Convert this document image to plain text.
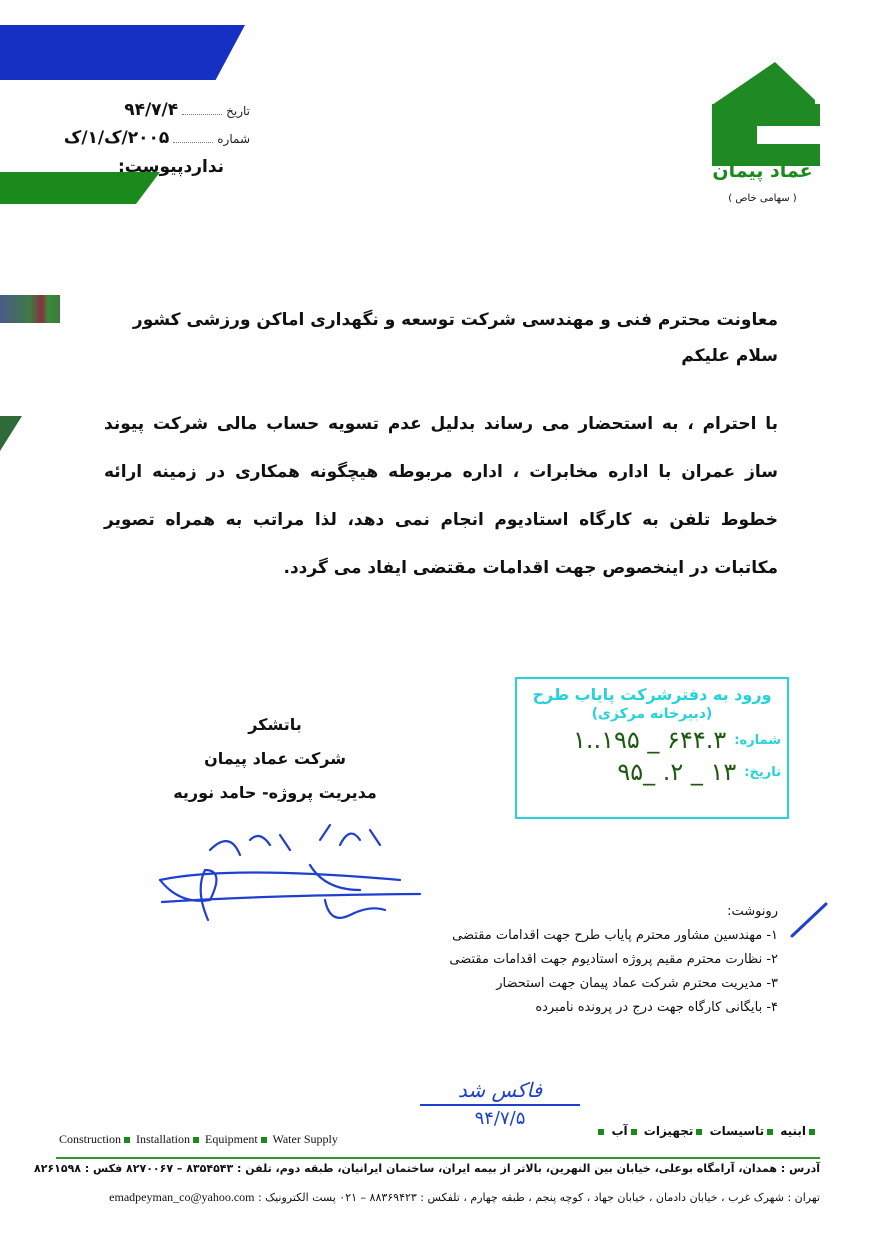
تاریخ
۹۴/۷/۴
شماره
۲۰۰۵/ک/۱/ک
نداردپیوست:	عماد پیمان
( سهامی خاص )
معاونت محترم فنی و مهندسی شرکت توسعه و نگهداری اماکن ورزشی کشور
سلام علیکم
با احترام ، به استحضار می رساند بدلیل عدم تسویه حساب مالی شرکت پیوند ساز عمران با اداره مخابرات ، اداره مربوطه هیچگونه همکاری در زمینه ارائه خطوط تلفن به کارگاه استادیوم انجام نمی دهد، لذا مراتب به همراه تصویر مکاتبات در اینخصوص جهت اقدامات مقتضی ایفاد می گردد.
ورود به دفترشرکت پایاب طرح
(دبیرخانه مرکزی)
شماره:
۱..۱۹۵ _ ۶۴۴.۳
تاریخ:
۹۵_ .۲ _ ۱۳
باتشکر
شرکت عماد پیمان
مدیریت پروژه- حامد نوریه
رونوشت:
۱- مهندسین مشاور محترم پایاب طرح جهت اقدامات مقتضی
۲- نظارت محترم مقیم پروژه استادیوم جهت اقدامات مقتضی
۳- مدیریت محترم شرکت عماد پیمان جهت استحضار
۴- بایگانی کارگاه جهت درج در پرونده نامبرده
فاکس شد
۹۴/۷/۵
Construction Installation Equipment Water Supply
ابنیه تاسیسات تجهیزات آب
آدرس : همدان، آرامگاه بوعلی، خیابان بین النهرین، بالاتر از بیمه ایران، ساختمان ایرانیان، طبقه دوم، تلفن : ۸۳۵۴۵۴۳ – ۸۲۷۰۰۶۷ فکس : ۸۲۶۱۵۹۸
تهران : شهرک غرب ، خیابان دادمان ، خیابان جهاد ، کوچه پنجم ، طبقه چهارم ، تلفکس : ۸۸۳۶۹۴۲۳ – ۰۲۱ پست الکترونیک : emadpeyman_co@yahoo.com
